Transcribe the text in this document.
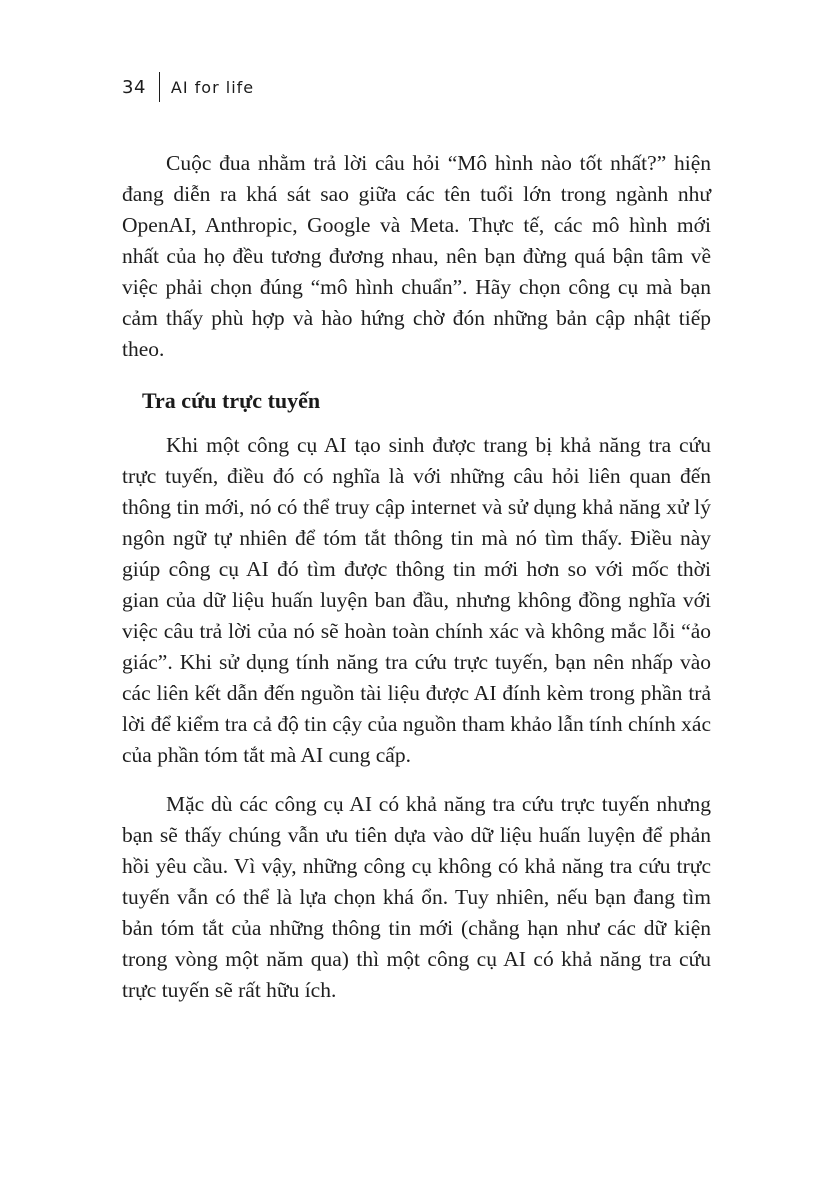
34 AI for life

Cuộc đua nhằm trả lời câu hỏi “Mô hình nào tốt nhất?” hiện đang diễn ra khá sát sao giữa các tên tuổi lớn trong ngành như OpenAI, Anthropic, Google và Meta. Thực tế, các mô hình mới nhất của họ đều tương đương nhau, nên bạn đừng quá bận tâm về việc phải chọn đúng “mô hình chuẩn”. Hãy chọn công cụ mà bạn cảm thấy phù hợp và hào hứng chờ đón những bản cập nhật tiếp theo.

Tra cứu trực tuyến

Khi một công cụ AI tạo sinh được trang bị khả năng tra cứu trực tuyến, điều đó có nghĩa là với những câu hỏi liên quan đến thông tin mới, nó có thể truy cập internet và sử dụng khả năng xử lý ngôn ngữ tự nhiên để tóm tắt thông tin mà nó tìm thấy. Điều này giúp công cụ AI đó tìm được thông tin mới hơn so với mốc thời gian của dữ liệu huấn luyện ban đầu, nhưng không đồng nghĩa với việc câu trả lời của nó sẽ hoàn toàn chính xác và không mắc lỗi “ảo giác”. Khi sử dụng tính năng tra cứu trực tuyến, bạn nên nhấp vào các liên kết dẫn đến nguồn tài liệu được AI đính kèm trong phần trả lời để kiểm tra cả độ tin cậy của nguồn tham khảo lẫn tính chính xác của phần tóm tắt mà AI cung cấp.

Mặc dù các công cụ AI có khả năng tra cứu trực tuyến nhưng bạn sẽ thấy chúng vẫn ưu tiên dựa vào dữ liệu huấn luyện để phản hồi yêu cầu. Vì vậy, những công cụ không có khả năng tra cứu trực tuyến vẫn có thể là lựa chọn khá ổn. Tuy nhiên, nếu bạn đang tìm bản tóm tắt của những thông tin mới (chẳng hạn như các dữ kiện trong vòng một năm qua) thì một công cụ AI có khả năng tra cứu trực tuyến sẽ rất hữu ích.
